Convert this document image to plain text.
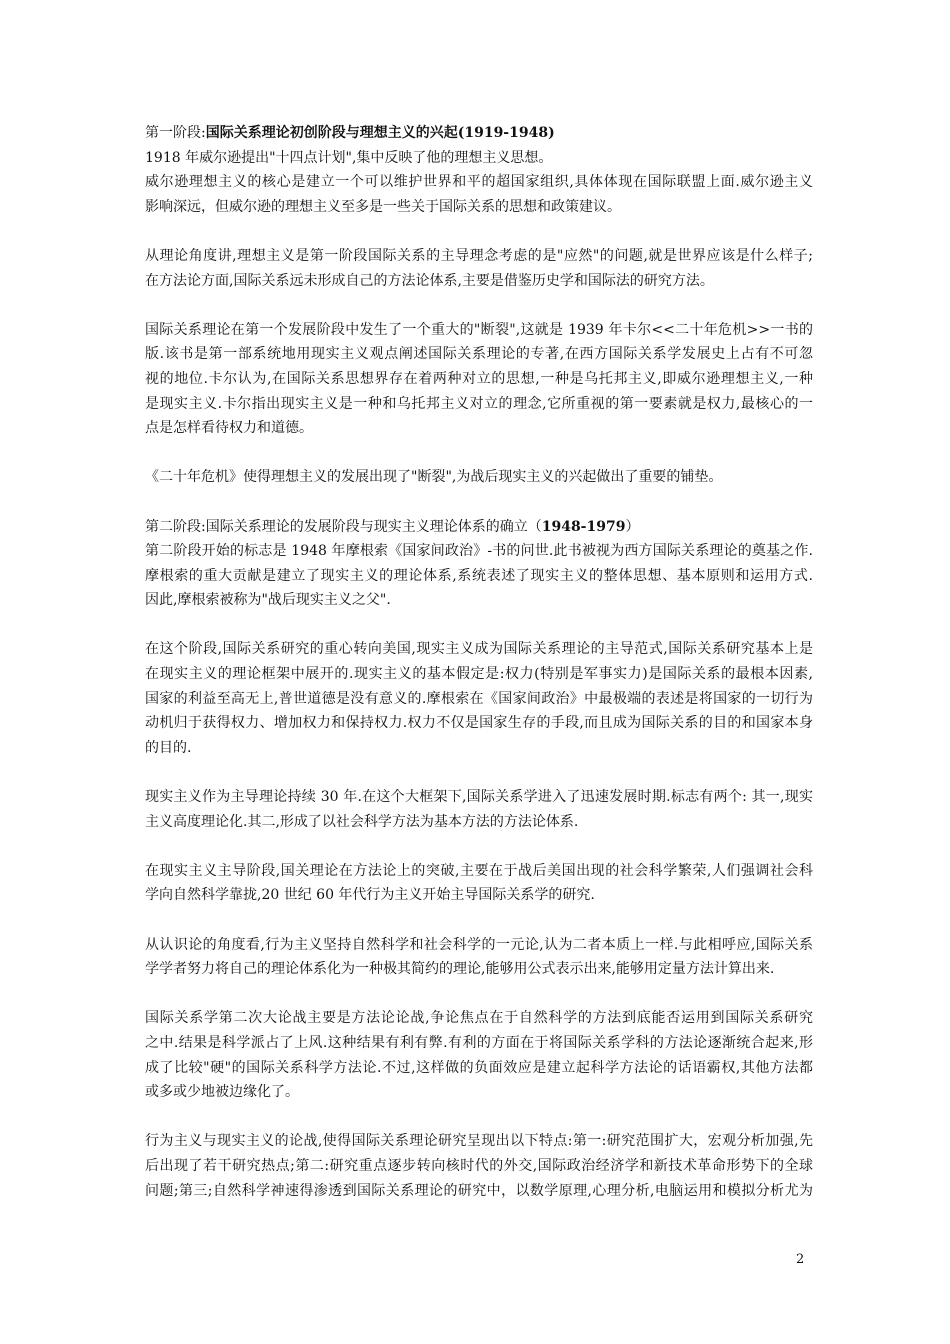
第一阶段:国际关系理论初创阶段与理想主义的兴起(1919-1948)
1918 年威尔逊提出"十四点计划",集中反映了他的理想主义思想。
威尔逊理想主义的核心是建立一个可以维护世界和平的超国家组织,具体体现在国际联盟上面.威尔逊主义
影响深远，但威尔逊的理想主义至多是一些关于国际关系的思想和政策建议。
从理论角度讲,理想主义是第一阶段国际关系的主导理念考虑的是"应然"的问题,就是世界应该是什么样子;
在方法论方面,国际关系远未形成自己的方法论体系,主要是借鉴历史学和国际法的研究方法。
国际关系理论在第一个发展阶段中发生了一个重大的"断裂",这就是 1939 年卡尔<<二十年危机>>一书的
版.该书是第一部系统地用现实主义观点阐述国际关系理论的专著,在西方国际关系学发展史上占有不可忽
视的地位.卡尔认为,在国际关系思想界存在着两种对立的思想,一种是乌托邦主义,即威尔逊理想主义,一种
是现实主义.卡尔指出现实主义是一种和乌托邦主义对立的理念,它所重视的第一要素就是权力,最核心的一
点是怎样看待权力和道德。
《二十年危机》使得理想主义的发展出现了"断裂",为战后现实主义的兴起做出了重要的铺垫。
第二阶段:国际关系理论的发展阶段与现实主义理论体系的确立（1948-1979）
第二阶段开始的标志是 1948 年摩根索《国家间政治》-书的问世.此书被视为西方国际关系理论的奠基之作.
摩根索的重大贡献是建立了现实主义的理论体系,系统表述了现实主义的整体思想、基本原则和运用方式.
因此,摩根索被称为"战后现实主义之父".
在这个阶段,国际关系研究的重心转向美国,现实主义成为国际关系理论的主导范式,国际关系研究基本上是
在现实主义的理论框架中展开的.现实主义的基本假定是:权力(特别是军事实力)是国际关系的最根本因素,
国家的利益至高无上,普世道德是没有意义的.摩根索在《国家间政治》中最极端的表述是将国家的一切行为
动机归于获得权力、增加权力和保持权力.权力不仅是国家生存的手段,而且成为国际关系的目的和国家本身
的目的.
现实主义作为主导理论持续 30 年.在这个大框架下,国际关系学进入了迅速发展时期.标志有两个: 其一,现实
主义高度理论化.其二,形成了以社会科学方法为基本方法的方法论体系.
在现实主义主导阶段,国关理论在方法论上的突破,主要在于战后美国出现的社会科学繁荣,人们强调社会科
学向自然科学靠拢,20 世纪 60 年代行为主义开始主导国际关系学的研究.
从认识论的角度看,行为主义坚持自然科学和社会科学的一元论,认为二者本质上一样.与此相呼应,国际关系
学学者努力将自己的理论体系化为一种极其简约的理论,能够用公式表示出来,能够用定量方法计算出来.
国际关系学第二次大论战主要是方法论论战,争论焦点在于自然科学的方法到底能否运用到国际关系研究
之中.结果是科学派占了上风.这种结果有利有弊.有利的方面在于将国际关系学科的方法论逐渐统合起来,形
成了比较"硬"的国际关系科学方法论.不过,这样做的负面效应是建立起科学方法论的话语霸权,其他方法都
或多或少地被边缘化了。
行为主义与现实主义的论战,使得国际关系理论研究呈现出以下特点:第一:研究范围扩大，宏观分析加强,先
后出现了若干研究热点;第二:研究重点逐步转向核时代的外交,国际政治经济学和新技术革命形势下的全球
问题;第三;自然科学神速得渗透到国际关系理论的研究中，以数学原理,心理分析,电脑运用和模拟分析尤为
2
